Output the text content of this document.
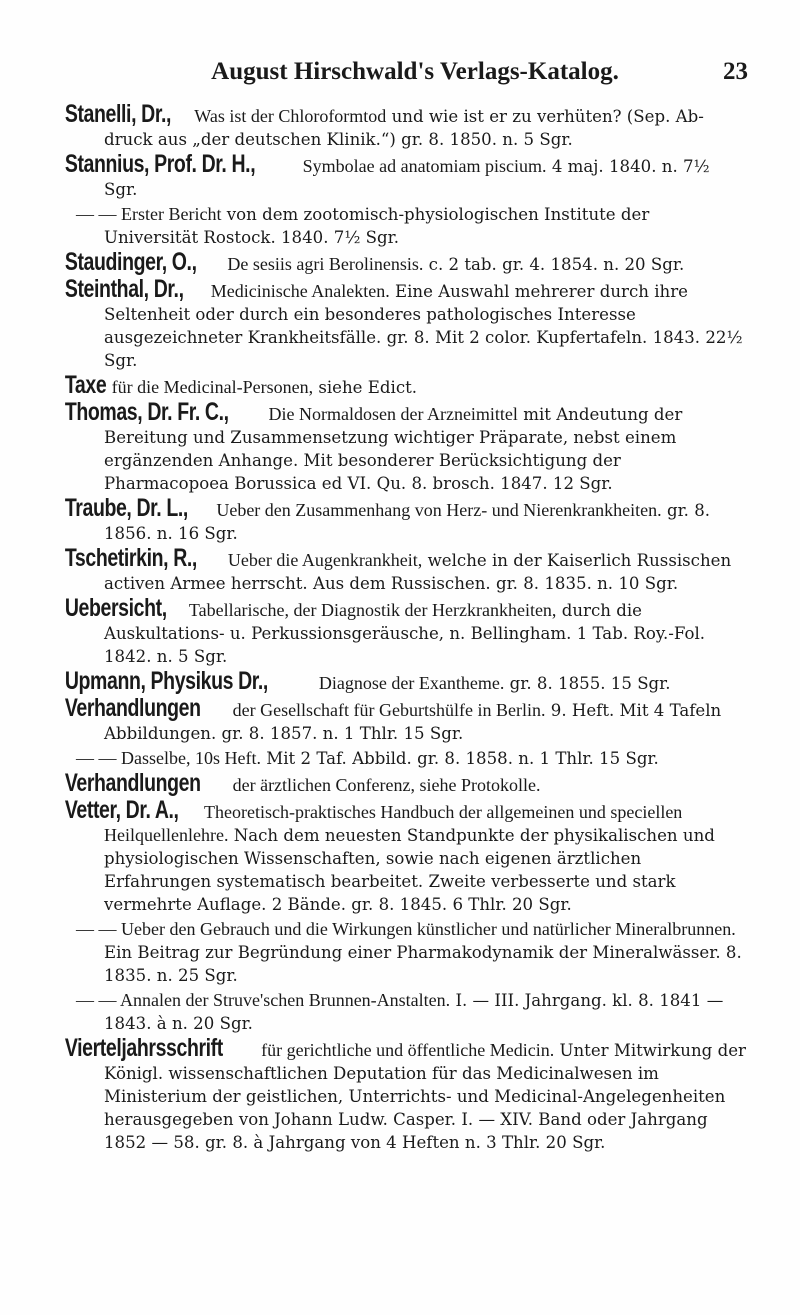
August Hirschwald's Verlags-Katalog.	23

Stanelli, Dr., Was ist der Chloroformtod und wie ist er zu verhüten? (Sep. Ab-druck aus „der deutschen Klinik.“) gr. 8. 1850. n. 5 Sgr.

Stannius, Prof. Dr. H., Symbolae ad anatomiam piscium. 4 maj. 1840. n. 7½ Sgr.

— — Erster Bericht von dem zootomisch-physiologischen Institute der Universität Rostock. 1840. 7½ Sgr.

Staudinger, O., De sesiis agri Berolinensis. c. 2 tab. gr. 4. 1854. n. 20 Sgr.

Steinthal, Dr., Medicinische Analekten. Eine Auswahl mehrerer durch ihre Seltenheit oder durch ein besonderes pathologisches Interesse ausgezeichneter Krankheitsfälle. gr. 8. Mit 2 color. Kupfertafeln. 1843. 22½ Sgr.

Taxe für die Medicinal-Personen, siehe Edict.

Thomas, Dr. Fr. C., Die Normaldosen der Arzneimittel mit Andeutung der Bereitung und Zusammensetzung wichtiger Präparate, nebst einem ergänzenden Anhange. Mit besonderer Berücksichtigung der Pharmacopoea Borussica ed VI. Qu. 8. brosch. 1847. 12 Sgr.

Traube, Dr. L., Ueber den Zusammenhang von Herz- und Nierenkrankheiten. gr. 8. 1856. n. 16 Sgr.

Tschetirkin, R., Ueber die Augenkrankheit, welche in der Kaiserlich Russischen activen Armee herrscht. Aus dem Russischen. gr. 8. 1835. n. 10 Sgr.

Uebersicht, Tabellarische, der Diagnostik der Herzkrankheiten, durch die Auskultations- u. Perkussionsgeräusche, n. Bellingham. 1 Tab. Roy.-Fol. 1842. n. 5 Sgr.

Upmann, Physikus Dr.,	Diagnose der Exantheme. gr. 8. 1855. 15 Sgr.

Verhandlungen der Gesellschaft für Geburtshülfe in Berlin. 9. Heft. Mit 4 Tafeln Abbildungen. gr. 8. 1857. n. 1 Thlr. 15 Sgr.

— — Dasselbe, 10s Heft. Mit 2 Taf. Abbild. gr. 8. 1858. n. 1 Thlr. 15 Sgr.

Verhandlungen der ärztlichen Conferenz, siehe Protokolle.

Vetter, Dr. A., Theoretisch-praktisches Handbuch der allgemeinen und speciellen Heilquellenlehre. Nach dem neuesten Standpunkte der physikalischen und physiologischen Wissenschaften, sowie nach eigenen ärztlichen Erfahrungen systematisch bearbeitet. Zweite verbesserte und stark vermehrte Auflage. 2 Bände. gr. 8. 1845. 6 Thlr. 20 Sgr.

— — Ueber den Gebrauch und die Wirkungen künstlicher und natürlicher Mineralbrunnen. Ein Beitrag zur Begründung einer Pharmakodynamik der Mineralwässer. 8. 1835. n. 25 Sgr.

— — Annalen der Struve'schen Brunnen-Anstalten. I. — III. Jahrgang. kl. 8. 1841 — 1843. à n. 20 Sgr.

Vierteljahrsschrift für gerichtliche und öffentliche Medicin. Unter Mitwirkung der Königl. wissenschaftlichen Deputation für das Medicinalwesen im Ministerium der geistlichen, Unterrichts- und Medicinal-Angelegenheiten herausgegeben von Johann Ludw. Casper. I. — XIV. Band oder Jahrgang 1852 — 58. gr. 8. à Jahrgang von 4 Heften n. 3 Thlr. 20 Sgr.
